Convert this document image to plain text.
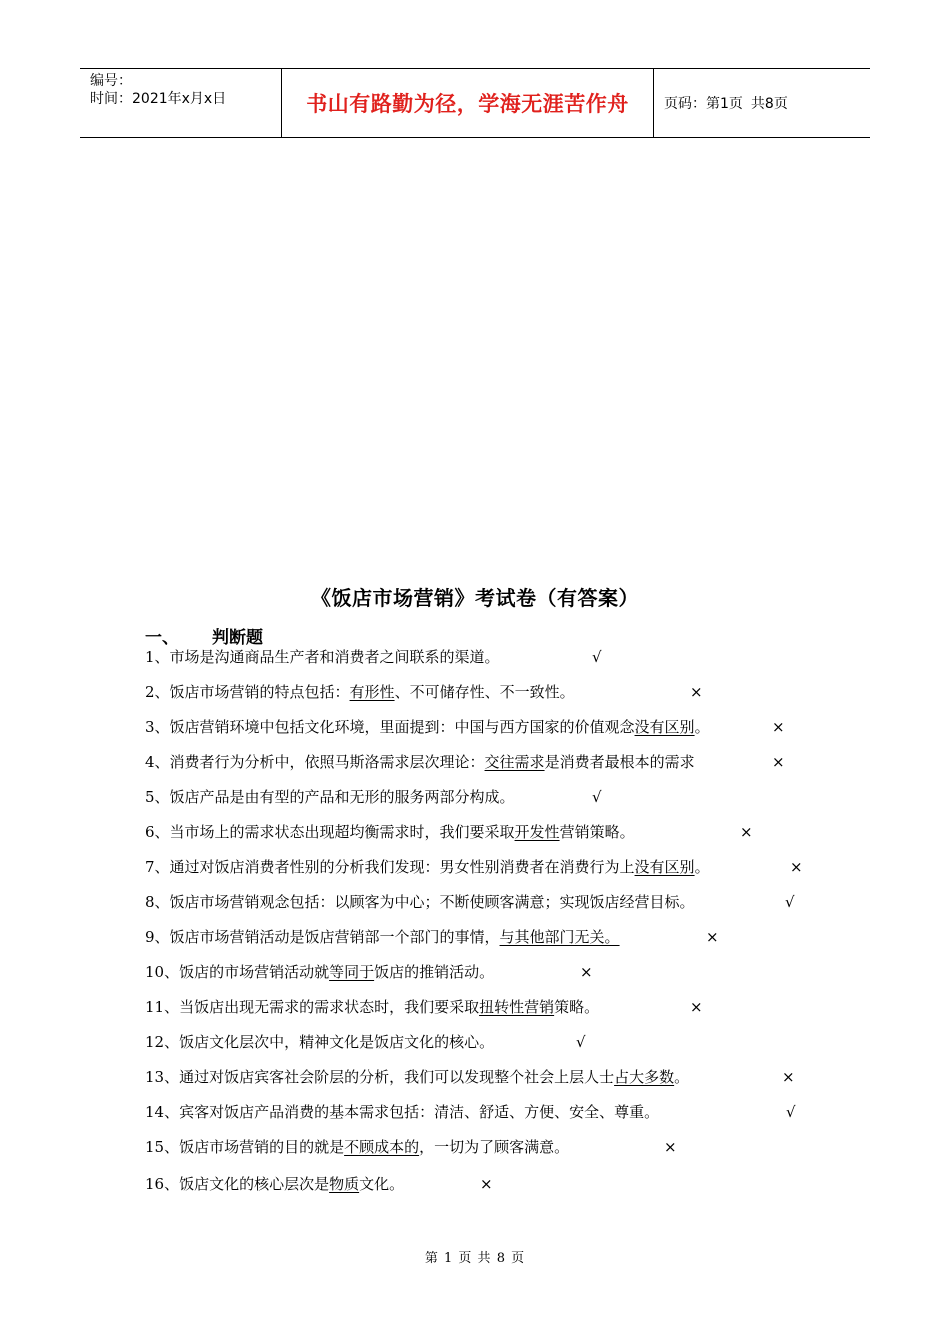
编号：
时间：2021年x月x日	书山有路勤为径，学海无涯苦作舟	页码：第1页 共8页
《饭店市场营销》考试卷（有答案）
一、	判断题
1、市场是沟通商品生产者和消费者之间联系的渠道。	√
2、饭店市场营销的特点包括：有形性、不可储存性、不一致性。	×
3、饭店营销环境中包括文化环境，里面提到：中国与西方国家的价值观念没有区别。	×
4、消费者行为分析中，依照马斯洛需求层次理论：交往需求是消费者最根本的需求	×
5、饭店产品是由有型的产品和无形的服务两部分构成。	√
6、当市场上的需求状态出现超均衡需求时，我们要采取开发性营销策略。	×
7、通过对饭店消费者性别的分析我们发现：男女性别消费者在消费行为上没有区别。	×
8、饭店市场营销观念包括：以顾客为中心；不断使顾客满意；实现饭店经营目标。	√
9、饭店市场营销活动是饭店营销部一个部门的事情，与其他部门无关。	×
10、饭店的市场营销活动就等同于饭店的推销活动。	×
11、当饭店出现无需求的需求状态时，我们要采取扭转性营销策略。	×
12、饭店文化层次中，精神文化是饭店文化的核心。	√
13、通过对饭店宾客社会阶层的分析，我们可以发现整个社会上层人士占大多数。	×
14、宾客对饭店产品消费的基本需求包括：清洁、舒适、方便、安全、尊重。	√
15、饭店市场营销的目的就是不顾成本的，一切为了顾客满意。	×
16、饭店文化的核心层次是物质文化。	×
第 1 页 共 8 页
